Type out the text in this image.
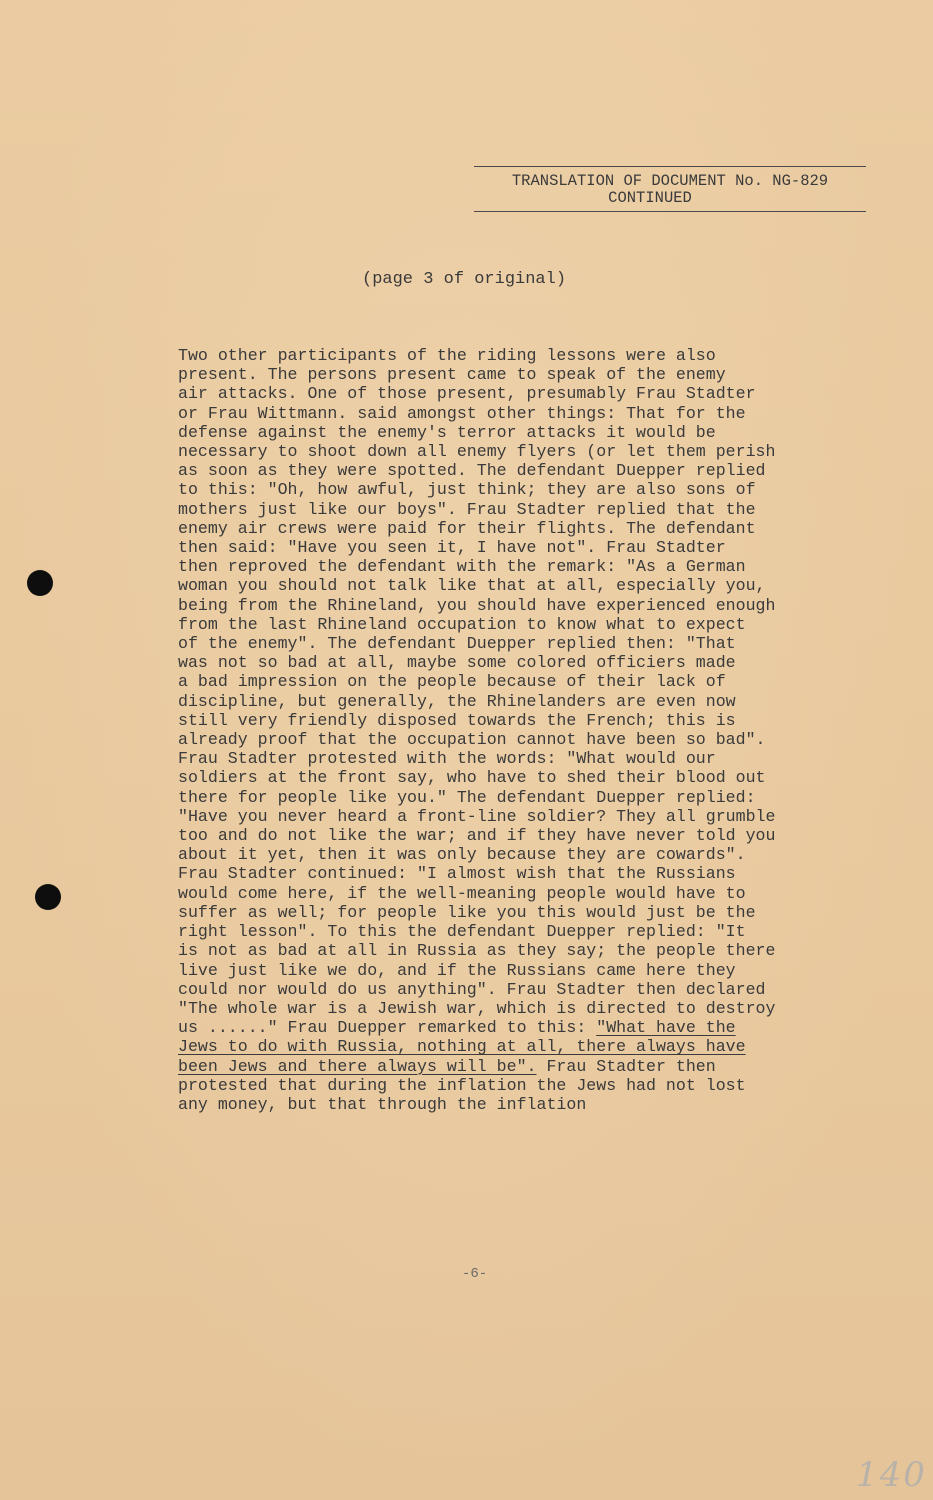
TRANSLATION OF DOCUMENT No. NG-829
CONTINUED
(page 3 of original)
Two other participants of the riding lessons were also
present. The persons present came to speak of the enemy
air attacks. One of those present, presumably Frau Stadter
or Frau Wittmann. said amongst other things: That for the
defense against the enemy's terror attacks it would be
necessary to shoot down all enemy flyers (or let them perish
as soon as they were spotted. The defendant Duepper replied
to this: "Oh, how awful, just think; they are also sons of
mothers just like our boys". Frau Stadter replied that the
enemy air crews were paid for their flights. The defendant
then said: "Have you seen it, I have not". Frau Stadter
then reproved the defendant with the remark: "As a German
woman you should not talk like that at all, especially you,
being from the Rhineland, you should have experienced enough
from the last Rhineland occupation to know what to expect
of the enemy". The defendant Duepper replied then: "That
was not so bad at all, maybe some colored officiers made
a bad impression on the people because of their lack of
discipline, but generally, the Rhinelanders are even now
still very friendly disposed towards the French; this is
already proof that the occupation cannot have been so bad".
Frau Stadter protested with the words: "What would our
soldiers at the front say, who have to shed their blood out
there for people like you." The defendant Duepper replied:
"Have you never heard a front-line soldier? They all grumble
too and do not like the war; and if they have never told you
about it yet, then it was only because they are cowards".
Frau Stadter continued: "I almost wish that the Russians
would come here, if the well-meaning people would have to
suffer as well; for people like you this would just be the
right lesson". To this the defendant Duepper replied: "It
is not as bad at all in Russia as they say; the people there
live just like we do, and if the Russians came here they
could nor would do us anything". Frau Stadter then declared
"The whole war is a Jewish war, which is directed to destroy
us ......" Frau Duepper remarked to this: "What have the
Jews to do with Russia, nothing at all, there always have
been Jews and there always will be". Frau Stadter then
protested that during the inflation the Jews had not lost
any money, but that through the inflation
-6-
140
